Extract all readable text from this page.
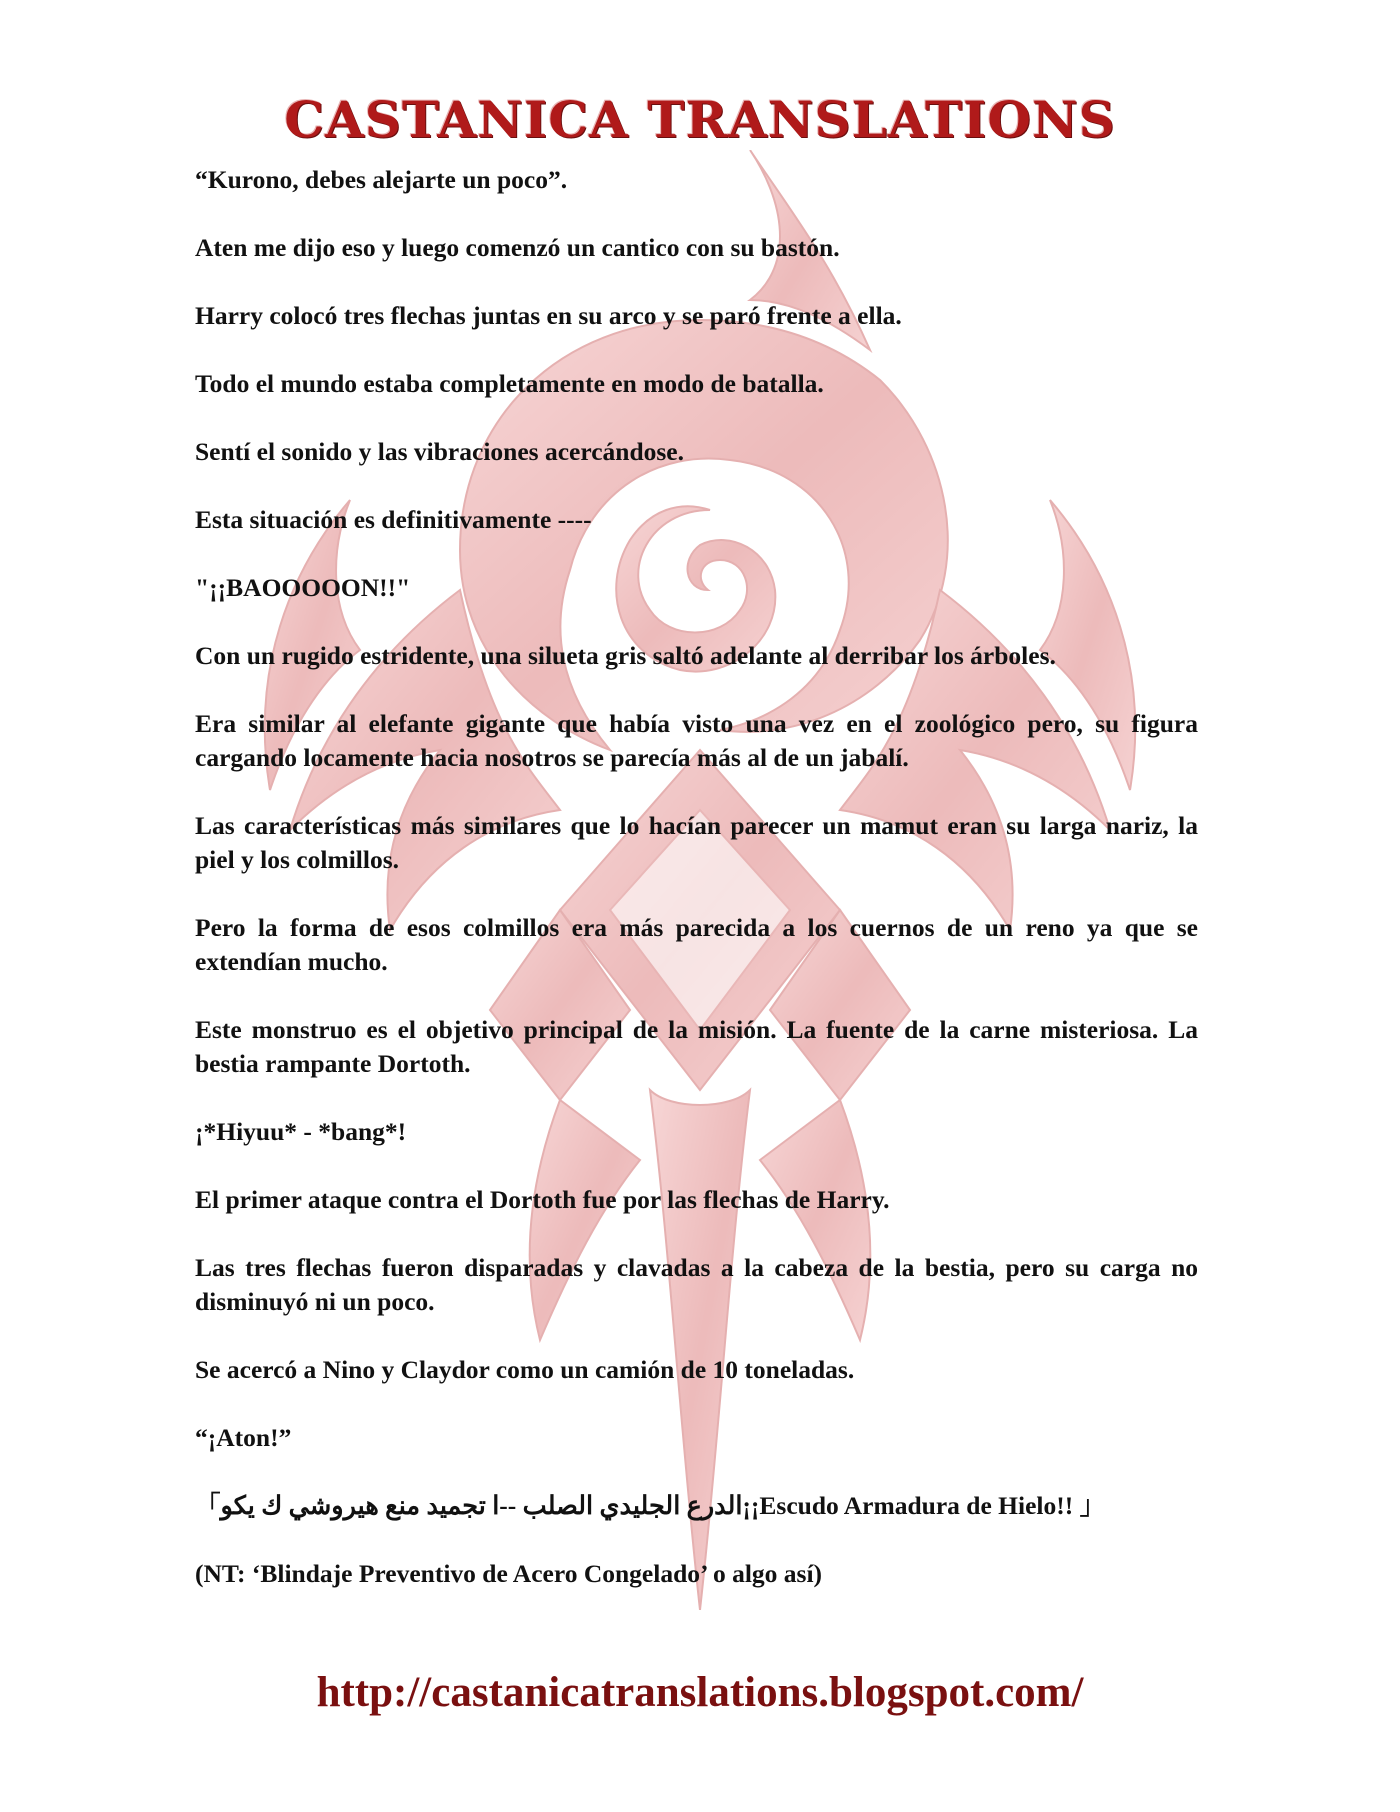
CASTANICA TRANSLATIONS

“Kurono, debes alejarte un poco”.

Aten me dijo eso y luego comenzó un cantico con su bastón.

Harry colocó tres flechas juntas en su arco y se paró frente a ella.

Todo el mundo estaba completamente en modo de batalla.

Sentí el sonido y las vibraciones acercándose.

Esta situación es definitivamente ----

"¡¡BAOOOOON!!"

Con un rugido estridente, una silueta gris saltó adelante al derribar los árboles.

Era similar al elefante gigante que había visto una vez en el zoológico pero, su figura cargando locamente hacia nosotros se parecía más al de un jabalí.

Las características más similares que lo hacían parecer un mamut eran su larga nariz, la piel y los colmillos.

Pero la forma de esos colmillos era más parecida a los cuernos de un reno ya que se extendían mucho.

Este monstruo es el objetivo principal de la misión. La fuente de la carne misteriosa. La bestia rampante Dortoth.

¡*Hiyuu* - *bang*!

El primer ataque contra el Dortoth fue por las flechas de Harry.

Las tres flechas fueron disparadas y clavadas a la cabeza de la bestia, pero su carga no disminuyó ni un poco.

Se acercó a Nino y Claydor como un camión de 10 toneladas.

“¡Aton!”

「الدرع الجليدي الصلب --ا تجميد منع هيروشي ك يكو¡¡Escudo Armadura de Hielo!! 」

(NT: ‘Blindaje Preventivo de Acero Congelado’ o algo así)

http://castanicatranslations.blogspot.com/
